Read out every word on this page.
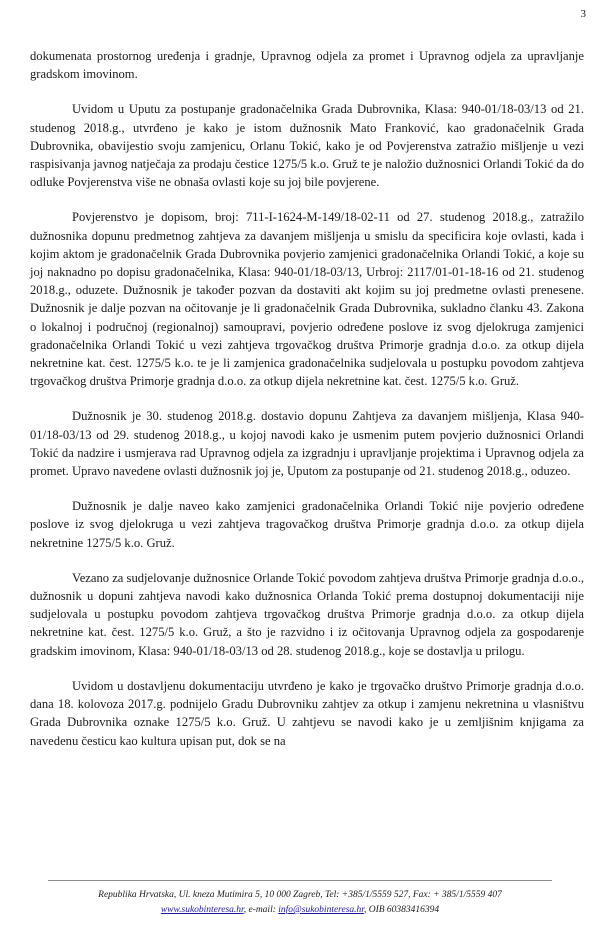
3

dokumenata prostornog uređenja i gradnje, Upravnog odjela za promet i Upravnog odjela za upravljanje gradskom imovinom.

Uvidom u Uputu za postupanje gradonačelnika Grada Dubrovnika, Klasa: 940-01/18-03/13 od 21. studenog 2018.g., utvrđeno je kako je istom dužnosnik Mato Franković, kao gradonačelnik Grada Dubrovnika, obavijestio svoju zamjenicu, Orlanu Tokić, kako je od Povjerenstva zatražio mišljenje u vezi raspisivanja javnog natječaja za prodaju čestice 1275/5 k.o. Gruž te je naložio dužnosnici Orlandi Tokić da do odluke Povjerenstva više ne obnaša ovlasti koje su joj bile povjerene.

Povjerenstvo je dopisom, broj: 711-I-1624-M-149/18-02-11 od 27. studenog 2018.g., zatražilo dužnosnika dopunu predmetnog zahtjeva za davanjem mišljenja u smislu da specificira koje ovlasti, kada i kojim aktom je gradonačelnik Grada Dubrovnika povjerio zamjenici gradonačelnika Orlandi Tokić, a koje su joj naknadno po dopisu gradonačelnika, Klasa: 940-01/18-03/13, Urbroj: 2117/01-01-18-16 od 21. studenog 2018.g., oduzete. Dužnosnik je također pozvan da dostaviti akt kojim su joj predmetne ovlasti prenesene. Dužnosnik je dalje pozvan na očitovanje je li gradonačelnik Grada Dubrovnika, sukladno članku 43. Zakona o lokalnoj i područnoj (regionalnoj) samoupravi, povjerio određene poslove iz svog djelokruga zamjenici gradonačelnika Orlandi Tokić u vezi zahtjeva trgovačkog društva Primorje gradnja d.o.o. za otkup dijela nekretnine kat. čest. 1275/5 k.o. te je li zamjenica gradonačelnika sudjelovala u postupku povodom zahtjeva trgovačkog društva Primorje gradnja d.o.o. za otkup dijela nekretnine kat. čest. 1275/5 k.o. Gruž.

Dužnosnik je 30. studenog 2018.g. dostavio dopunu Zahtjeva za davanjem mišljenja, Klasa 940-01/18-03/13 od 29. studenog 2018.g., u kojoj navodi kako je usmenim putem povjerio dužnosnici Orlandi Tokić da nadzire i usmjerava rad Upravnog odjela za izgradnju i upravljanje projektima i Upravnog odjela za promet. Upravo navedene ovlasti dužnosnik joj je, Uputom za postupanje od 21. studenog 2018.g., oduzeo.

Dužnosnik je dalje naveo kako zamjenici gradonačelnika Orlandi Tokić nije povjerio određene poslove iz svog djelokruga u vezi zahtjeva tragovačkog društva Primorje gradnja d.o.o. za otkup dijela nekretnine 1275/5 k.o. Gruž.

Vezano za sudjelovanje dužnosnice Orlande Tokić povodom zahtjeva društva Primorje gradnja d.o.o., dužnosnik u dopuni zahtjeva navodi kako dužnosnica Orlanda Tokić prema dostupnoj dokumentaciji nije sudjelovala u postupku povodom zahtjeva trgovačkog društva Primorje gradnja d.o.o. za otkup dijela nekretnine kat. čest. 1275/5 k.o. Gruž, a što je razvidno i iz očitovanja Upravnog odjela za gospodarenje gradskim imovinom, Klasa: 940-01/18-03/13 od 28. studenog 2018.g., koje se dostavlja u prilogu.

Uvidom u dostavljenu dokumentaciju utvrđeno je kako je trgovačko društvo Primorje gradnja d.o.o. dana 18. kolovoza 2017.g. podnijelo Gradu Dubrovniku zahtjev za otkup i zamjenu nekretnina u vlasništvu Grada Dubrovnika oznake 1275/5 k.o. Gruž. U zahtjevu se navodi kako je u zemljišnim knjigama za navedenu česticu kao kultura upisan put, dok se na

Republika Hrvatska, Ul. kneza Mutimira 5, 10 000 Zagreb, Tel: +385/1/5559 527, Fax: + 385/1/5559 407
www.sukobinteresa.hr, e-mail: info@sukobinteresa.hr, OIB 60383416394
